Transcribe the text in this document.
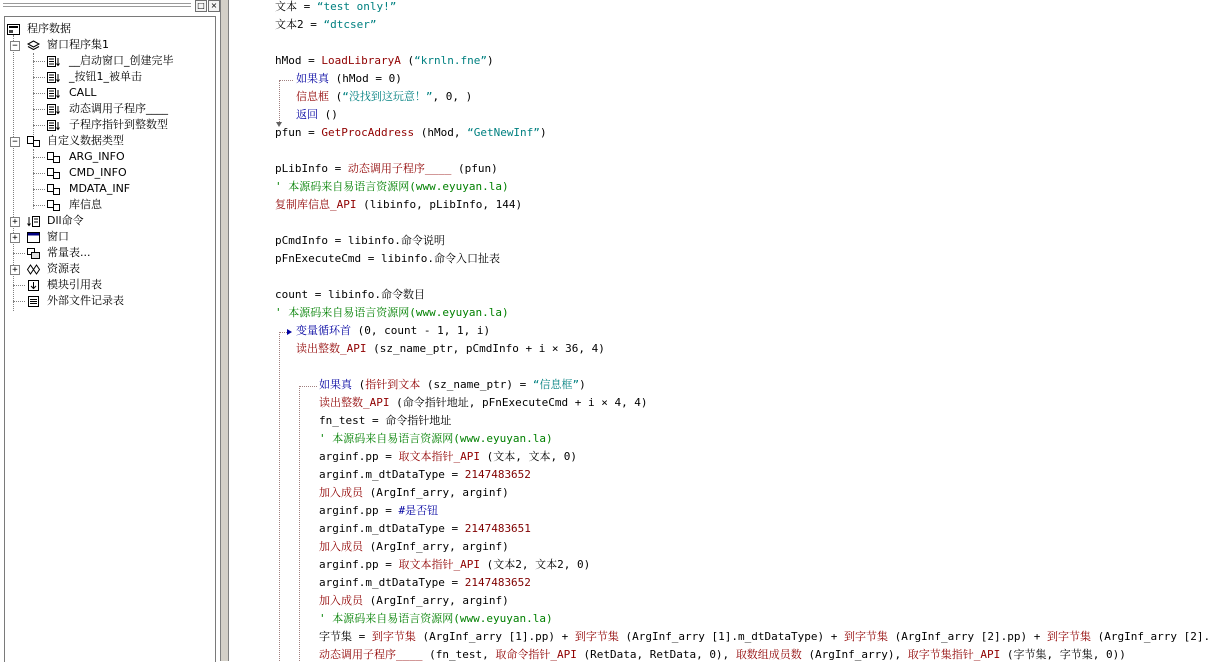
□ ×
程序数据
−	窗口程序集1
__启动窗口_创建完毕
_按钮1_被单击
CALL
动态调用子程序____
子程序指针到整数型
−	自定义数据类型
ARG_INFO
CMD_INFO
MDATA_INF
库信息
+	Dll命令
+	窗口
常量表...
+	资源表
模块引用表
外部文件记录表
文本 = “test only!”
文本2 = “dtcser”
hMod = LoadLibraryA (“krnln.fne”)
如果真 (hMod = 0)
信息框 (“没找到这玩意！”, 0, )
返回 ()
pfun = GetProcAddress (hMod, “GetNewInf”)
pLibInfo = 动态调用子程序____ (pfun)
' 本源码来自易语言资源网(www.eyuyan.la)
复制库信息_API (libinfo, pLibInfo, 144)
pCmdInfo = libinfo.命令说明
pFnExecuteCmd = libinfo.命令入口扯表
count = libinfo.命令数目
' 本源码来自易语言资源网(www.eyuyan.la)
变量循环首 (0, count - 1, 1, i)
读出整数_API (sz_name_ptr, pCmdInfo + i × 36, 4)
如果真 (指针到文本 (sz_name_ptr) = “信息框”)
读出整数_API (命令指针地址, pFnExecuteCmd + i × 4, 4)
fn_test = 命令指针地址
' 本源码来自易语言资源网(www.eyuyan.la)
arginf.pp = 取文本指针_API (文本, 文本, 0)
arginf.m_dtDataType = 2147483652
加入成员 (ArgInf_arry, arginf)
arginf.pp = #是否钮
arginf.m_dtDataType = 2147483651
加入成员 (ArgInf_arry, arginf)
arginf.pp = 取文本指针_API (文本2, 文本2, 0)
arginf.m_dtDataType = 2147483652
加入成员 (ArgInf_arry, arginf)
' 本源码来自易语言资源网(www.eyuyan.la)
字节集 = 到字节集 (ArgInf_arry [1].pp) + 到字节集 (ArgInf_arry [1].m_dtDataType) + 到字节集 (ArgInf_arry [2].pp) + 到字节集 (ArgInf_arry [2].
动态调用子程序____ (fn_test, 取命令指针_API (RetData, RetData, 0), 取数组成员数 (ArgInf_arry), 取字节集指针_API (字节集, 字节集, 0))
